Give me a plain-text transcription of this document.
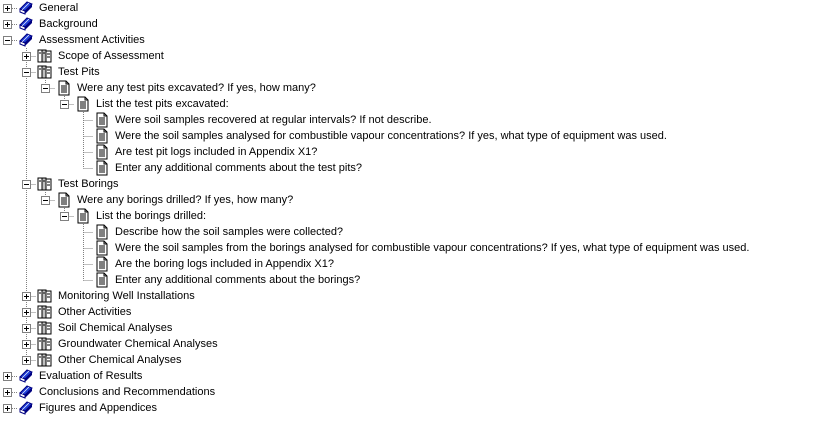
General
Background
Assessment Activities
Scope of Assessment
Test Pits
Were any test pits excavated? If yes, how many?
List the test pits excavated:
Were soil samples recovered at regular intervals? If not describe.
Were the soil samples analysed for combustible vapour concentrations? If yes, what type of equipment was used.
Are test pit logs included in Appendix X1?
Enter any additional comments about the test pits?
Test Borings
Were any borings drilled? If yes, how many?
List the borings drilled:
Describe how the soil samples were collected?
Were the soil samples from the borings analysed for combustible vapour concentrations? If yes, what type of equipment was used.
Are the boring logs included in Appendix X1?
Enter any additional comments about the borings?
Monitoring Well Installations
Other Activities
Soil Chemical Analyses
Groundwater Chemical Analyses
Other Chemical Analyses
Evaluation of Results
Conclusions and Recommendations
Figures and Appendices
